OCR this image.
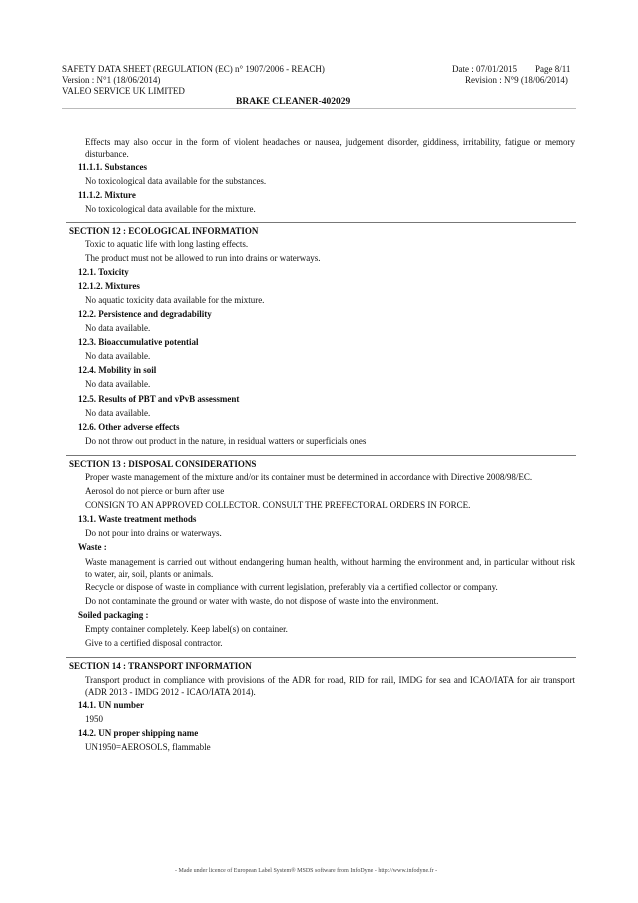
SAFETY DATA SHEET (REGULATION (EC) n° 1907/2006 - REACH)	Date : 07/01/2015 Page 8/11
Version : N°1 (18/06/2014)	Revision : N°9 (18/06/2014)
VALEO SERVICE UK LIMITED
BRAKE CLEANER-402029
Effects may also occur in the form of violent headaches or nausea, judgement disorder, giddiness, irritability, fatigue or memory disturbance.
11.1.1. Substances
No toxicological data available for the substances.
11.1.2. Mixture
No toxicological data available for the mixture.
SECTION 12 : ECOLOGICAL INFORMATION
Toxic to aquatic life with long lasting effects.
The product must not be allowed to run into drains or waterways.
12.1. Toxicity
12.1.2. Mixtures
No aquatic toxicity data available for the mixture.
12.2. Persistence and degradability
No data available.
12.3. Bioaccumulative potential
No data available.
12.4. Mobility in soil
No data available.
12.5. Results of PBT and vPvB assessment
No data available.
12.6. Other adverse effects
Do not throw out product in the nature, in residual watters or superficials ones
SECTION 13 : DISPOSAL CONSIDERATIONS
Proper waste management of the mixture and/or its container must be determined in accordance with Directive 2008/98/EC.
Aerosol do not pierce or burn after use
CONSIGN TO AN APPROVED COLLECTOR. CONSULT THE PREFECTORAL ORDERS IN FORCE.
13.1. Waste treatment methods
Do not pour into drains or waterways.
Waste :
Waste management is carried out without endangering human health, without harming the environment and, in particular without risk to water, air, soil, plants or animals.
Recycle or dispose of waste in compliance with current legislation, preferably via a certified collector or company.
Do not contaminate the ground or water with waste, do not dispose of waste into the environment.
Soiled packaging :
Empty container completely. Keep label(s) on container.
Give to a certified disposal contractor.
SECTION 14 : TRANSPORT INFORMATION
Transport product in compliance with provisions of the ADR for road, RID for rail, IMDG for sea and ICAO/IATA for air transport (ADR 2013 - IMDG 2012 - ICAO/IATA 2014).
14.1. UN number
1950
14.2. UN proper shipping name
UN1950=AEROSOLS, flammable
- Made under licence of European Label System® MSDS software from InfoDyne - http://www.infodyne.fr -
